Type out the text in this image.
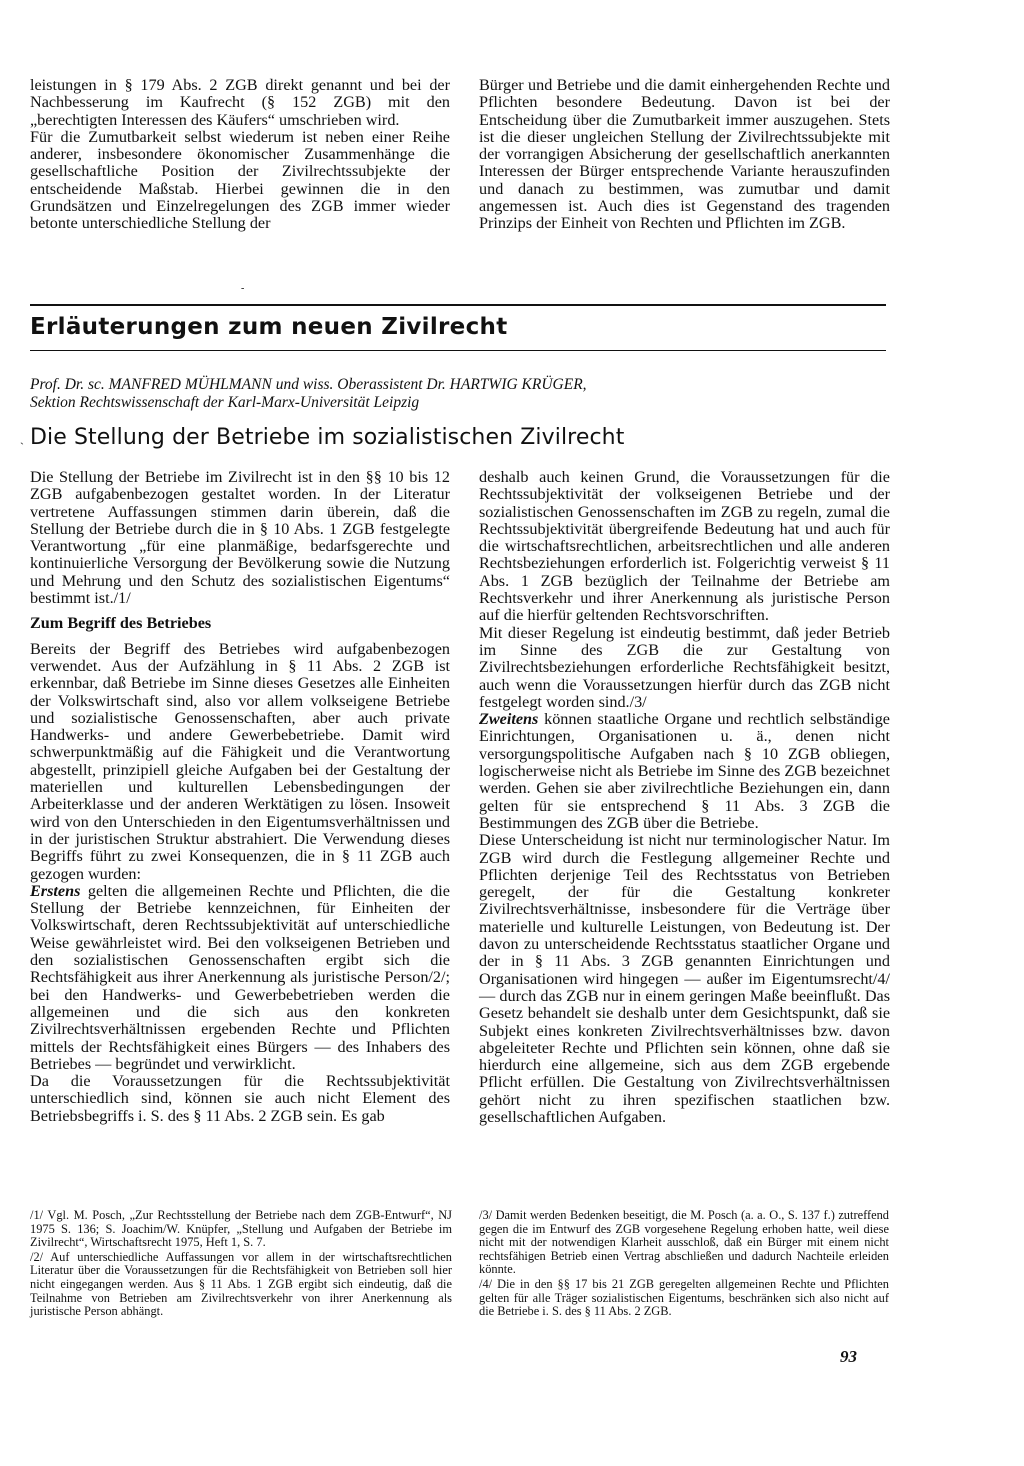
leistungen in § 179 Abs. 2 ZGB direkt genannt und bei der Nachbesserung im Kaufrecht (§ 152 ZGB) mit den „berechtigten Interessen des Käufers“ umschrieben wird.

Für die Zumutbarkeit selbst wiederum ist neben einer Reihe anderer, insbesondere ökonomischer Zusammenhänge die gesellschaftliche Position der Zivilrechtssubjekte der entscheidende Maßstab. Hierbei gewinnen die in den Grundsätzen und Einzelregelungen des ZGB immer wieder betonte unterschiedliche Stellung der

Bürger und Betriebe und die damit einhergehenden Rechte und Pflichten besondere Bedeutung. Davon ist bei der Entscheidung über die Zumutbarkeit immer auszugehen. Stets ist die dieser ungleichen Stellung der Zivilrechtssubjekte mit der vorrangigen Absicherung der gesellschaftlich anerkannten Interessen der Bürger entsprechende Variante herauszufinden und danach zu bestimmen, was zumutbar und damit angemessen ist. Auch dies ist Gegenstand des tragenden Prinzips der Einheit von Rechten und Pflichten im ZGB.

-
Erläuterungen zum neuen Zivilrecht
Prof. Dr. sc. MANFRED MÜHLMANN und wiss. Oberassistent Dr. HARTWIG KRÜGER,
Sektion Rechtswissenschaft der Karl-Marx-Universität Leipzig
` Die Stellung der Betriebe im sozialistischen Zivilrecht

Die Stellung der Betriebe im Zivilrecht ist in den §§ 10 bis 12 ZGB aufgabenbezogen gestaltet worden. In der Literatur vertretene Auffassungen stimmen darin überein, daß die Stellung der Betriebe durch die in § 10 Abs. 1 ZGB festgelegte Verantwortung „für eine planmäßige, bedarfsgerechte und kontinuierliche Versorgung der Bevölkerung sowie die Nutzung und Mehrung und den Schutz des sozialistischen Eigentums“ bestimmt ist./1/

Zum Begriff des Betriebes

Bereits der Begriff des Betriebes wird aufgabenbezogen verwendet. Aus der Aufzählung in § 11 Abs. 2 ZGB ist erkennbar, daß Betriebe im Sinne dieses Gesetzes alle Einheiten der Volkswirtschaft sind, also vor allem volkseigene Betriebe und sozialistische Genossenschaften, aber auch private Handwerks- und andere Gewerbebetriebe. Damit wird schwerpunktmäßig auf die Fähigkeit und die Verantwortung abgestellt, prinzipiell gleiche Aufgaben bei der Gestaltung der materiellen und kulturellen Lebensbedingungen der Arbeiterklasse und der anderen Werktätigen zu lösen. Insoweit wird von den Unterschieden in den Eigentumsverhältnissen und in der juristischen Struktur abstrahiert. Die Verwendung dieses Begriffs führt zu zwei Konsequenzen, die in § 11 ZGB auch gezogen wurden:

Erstens gelten die allgemeinen Rechte und Pflichten, die die Stellung der Betriebe kennzeichnen, für Einheiten der Volkswirtschaft, deren Rechtssubjektivität auf unterschiedliche Weise gewährleistet wird. Bei den volkseigenen Betrieben und den sozialistischen Genossenschaften ergibt sich die Rechtsfähigkeit aus ihrer Anerkennung als juristische Person/2/; bei den Handwerks- und Gewerbebetrieben werden die allgemeinen und die sich aus den konkreten Zivilrechtsverhältnissen ergebenden Rechte und Pflichten mittels der Rechtsfähigkeit eines Bürgers — des Inhabers des Betriebes — begründet und verwirklicht.

Da die Voraussetzungen für die Rechtssubjektivität unterschiedlich sind, können sie auch nicht Element des Betriebsbegriffs i. S. des § 11 Abs. 2 ZGB sein. Es gab

deshalb auch keinen Grund, die Voraussetzungen für die Rechtssubjektivität der volkseigenen Betriebe und der sozialistischen Genossenschaften im ZGB zu regeln, zumal die Rechtssubjektivität übergreifende Bedeutung hat und auch für die wirtschaftsrechtlichen, arbeitsrechtlichen und alle anderen Rechtsbeziehungen erforderlich ist. Folgerichtig verweist § 11 Abs. 1 ZGB bezüglich der Teilnahme der Betriebe am Rechtsverkehr und ihrer Anerkennung als juristische Person auf die hierfür geltenden Rechtsvorschriften.

Mit dieser Regelung ist eindeutig bestimmt, daß jeder Betrieb im Sinne des ZGB die zur Gestaltung von Zivilrechtsbeziehungen erforderliche Rechtsfähigkeit besitzt, auch wenn die Voraussetzungen hierfür durch das ZGB nicht festgelegt worden sind./3/

Zweitens können staatliche Organe und rechtlich selbständige Einrichtungen, Organisationen u. ä., denen nicht versorgungspolitische Aufgaben nach § 10 ZGB obliegen, logischerweise nicht als Betriebe im Sinne des ZGB bezeichnet werden. Gehen sie aber zivilrechtliche Beziehungen ein, dann gelten für sie entsprechend § 11 Abs. 3 ZGB die Bestimmungen des ZGB über die Betriebe.

Diese Unterscheidung ist nicht nur terminologischer Natur. Im ZGB wird durch die Festlegung allgemeiner Rechte und Pflichten derjenige Teil des Rechtsstatus von Betrieben geregelt, der für die Gestaltung konkreter Zivilrechtsverhältnisse, insbesondere für die Verträge über materielle und kulturelle Leistungen, von Bedeutung ist. Der davon zu unterscheidende Rechtsstatus staatlicher Organe und der in § 11 Abs. 3 ZGB genannten Einrichtungen und Organisationen wird hingegen — außer im Eigentumsrecht/4/ — durch das ZGB nur in einem geringen Maße beeinflußt. Das Gesetz behandelt sie deshalb unter dem Gesichtspunkt, daß sie Subjekt eines konkreten Zivilrechtsverhältnisses bzw. davon abgeleiteter Rechte und Pflichten sein können, ohne daß sie hierdurch eine allgemeine, sich aus dem ZGB ergebende Pflicht erfüllen. Die Gestaltung von Zivilrechtsverhältnissen gehört nicht zu ihren spezifischen staatlichen bzw. gesellschaftlichen Aufgaben.

/1/ Vgl. M. Posch, „Zur Rechtsstellung der Betriebe nach dem ZGB-Entwurf“, NJ 1975 S. 136; S. Joachim/W. Knüpfer, „Stellung und Aufgaben der Betriebe im Zivilrecht“, Wirtschaftsrecht 1975, Heft 1, S. 7.

/2/ Auf unterschiedliche Auffassungen vor allem in der wirtschaftsrechtlichen Literatur über die Voraussetzungen für die Rechtsfähigkeit von Betrieben soll hier nicht eingegangen werden. Aus § 11 Abs. 1 ZGB ergibt sich eindeutig, daß die Teilnahme von Betrieben am Zivilrechtsverkehr von ihrer Anerkennung als juristische Person abhängt.

/3/ Damit werden Bedenken beseitigt, die M. Posch (a. a. O., S. 137 f.) zutreffend gegen die im Entwurf des ZGB vorgesehene Regelung erhoben hatte, weil diese nicht mit der notwendigen Klarheit ausschloß, daß ein Bürger mit einem nicht rechtsfähigen Betrieb einen Vertrag abschließen und dadurch Nachteile erleiden könnte.

/4/ Die in den §§ 17 bis 21 ZGB geregelten allgemeinen Rechte und Pflichten gelten für alle Träger sozialistischen Eigentums, beschränken sich also nicht auf die Betriebe i. S. des § 11 Abs. 2 ZGB.

93
